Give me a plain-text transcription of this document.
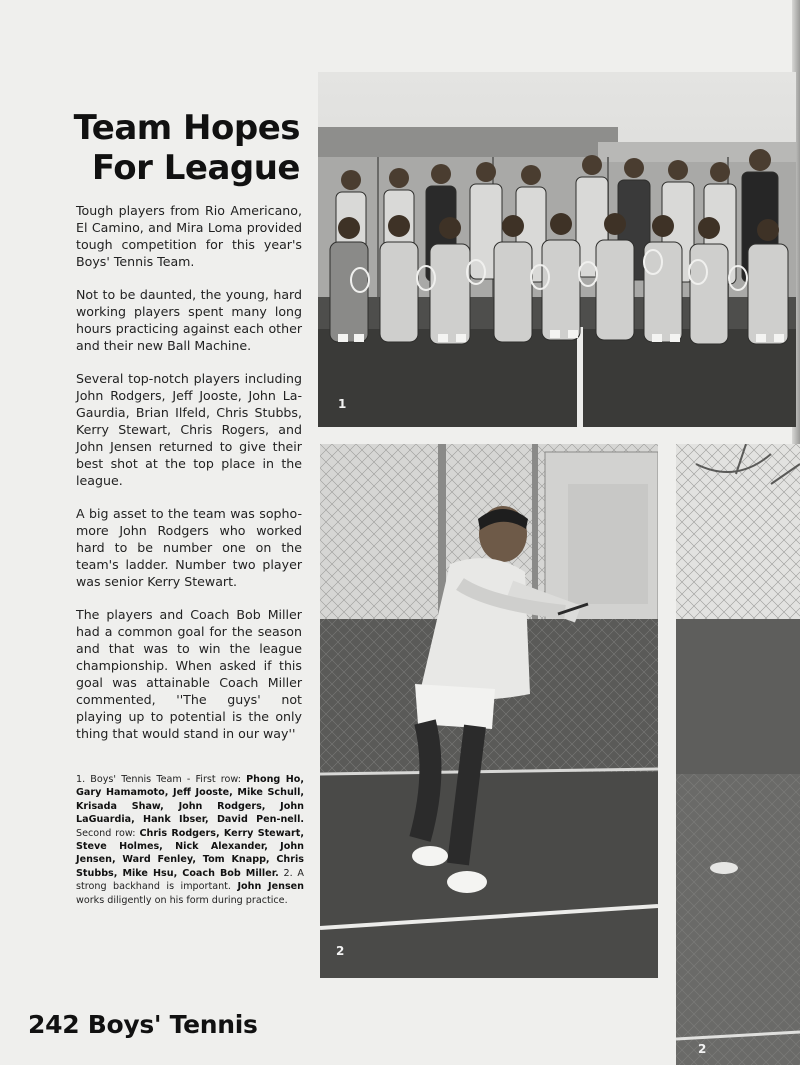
Team Hopes
For League

Tough players from Rio Americano, El Camino, and Mira Loma provided tough competition for this year's Boys' Tennis Team.

Not to be daunted, the young, hard working players spent many long hours practicing against each other and their new Ball Machine.

Several top-notch players including John Rodgers, Jeff Jooste, John La-Gaurdia, Brian Ilfeld, Chris Stubbs, Kerry Stewart, Chris Rogers, and John Jensen returned to give their best shot at the top place in the league.

A big asset to the team was sopho-more John Rodgers who worked hard to be number one on the team's ladder. Number two player was senior Kerry Stewart.

The players and Coach Bob Miller had a common goal for the season and that was to win the league championship. When asked if this goal was attainable Coach Miller commented, ''The guys' not playing up to potential is the only thing that would stand in our way''

1. Boys' Tennis Team - First row: Phong Ho, Gary Hamamoto, Jeff Jooste, Mike Schull, Krisada Shaw, John Rodgers, John LaGuardia, Hank Ibser, David Pen-nell. Second row: Chris Rodgers, Kerry Stewart, Steve Holmes, Nick Alexander, John Jensen, Ward Fenley, Tom Knapp, Chris Stubbs, Mike Hsu, Coach Bob Miller. 2. A strong backhand is important. John Jensen works diligently on his form during practice.
1
2
2
242 Boys' Tennis
